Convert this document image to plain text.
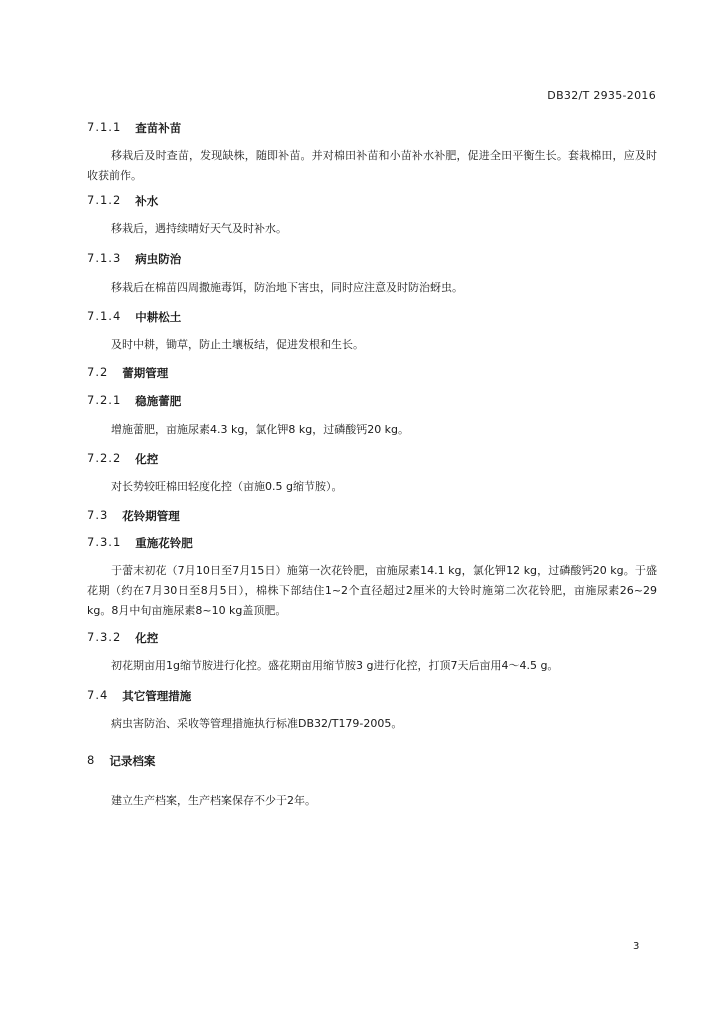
DB32/T 2935-2016
7.1.1 查苗补苗
移栽后及时查苗，发现缺株，随即补苗。并对棉田补苗和小苗补水补肥，促进全田平衡生长。套栽棉田，应及时收获前作。
7.1.2 补水
移栽后，遇持续晴好天气及时补水。
7.1.3 病虫防治
移栽后在棉苗四周撒施毒饵，防治地下害虫，同时应注意及时防治蚜虫。
7.1.4 中耕松土
及时中耕，锄草，防止土壤板结，促进发根和生长。
7.2 蕾期管理
7.2.1 稳施蕾肥
增施蕾肥，亩施尿素4.3 kg，氯化钾8 kg，过磷酸钙20 kg。
7.2.2 化控
对长势较旺棉田轻度化控（亩施0.5 g缩节胺）。
7.3 花铃期管理
7.3.1 重施花铃肥
于蕾末初花（7月10日至7月15日）施第一次花铃肥，亩施尿素14.1 kg，氯化钾12 kg，过磷酸钙20 kg。于盛花期（约在7月30日至8月5日），棉株下部结住1~2个直径超过2厘米的大铃时施第二次花铃肥，亩施尿素26~29 kg。8月中旬亩施尿素8~10 kg盖顶肥。
7.3.2 化控
初花期亩用1g缩节胺进行化控。盛花期亩用缩节胺3 g进行化控，打顶7天后亩用4～4.5 g。
7.4 其它管理措施
病虫害防治、采收等管理措施执行标准DB32/T179-2005。
8 记录档案
建立生产档案，生产档案保存不少于2年。
3
